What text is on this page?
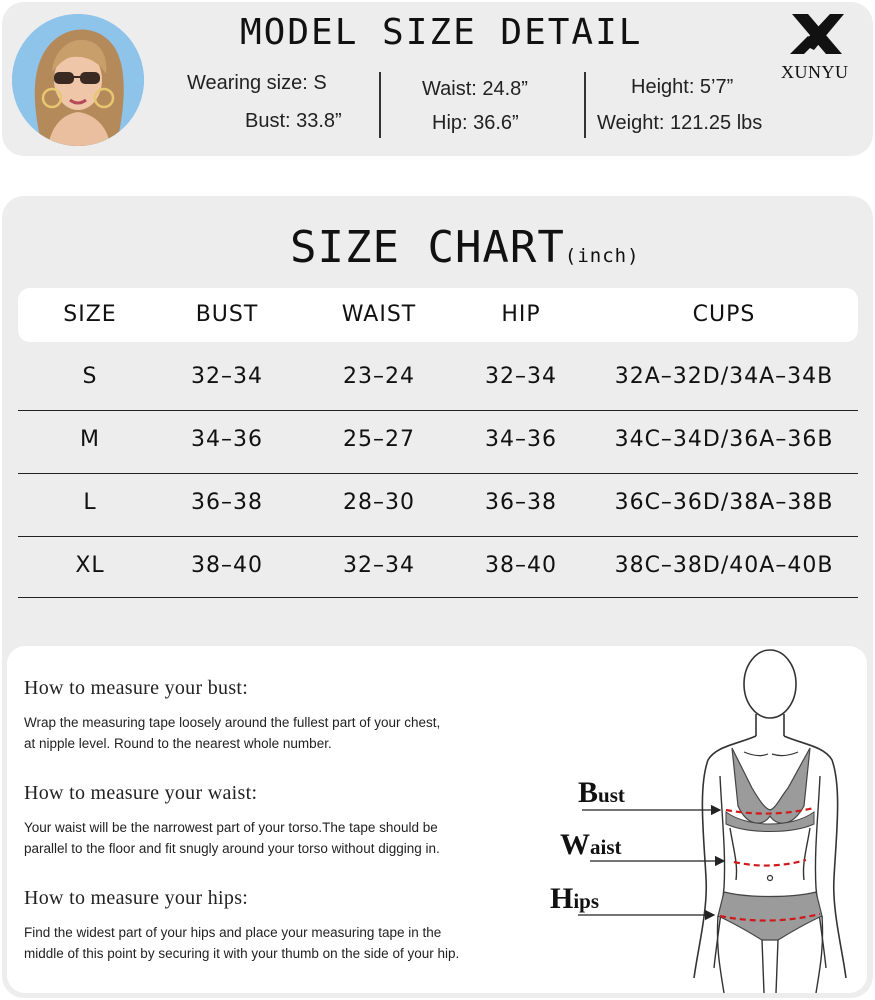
MODEL SIZE DETAIL
Wearing size: S
Bust: 33.8”
Waist: 24.8”
Hip: 36.6”
Height: 5’7”
Weight: 121.25 lbs
XUNYU
SIZE CHART(inch)
SIZE	BUST	WAIST	HIP	CUPS
S	32–34	23–24	32–34	32A–32D/34A–34B
M	34–36	25–27	34–36	34C–34D/36A–36B
L	36–38	28–30	36–38	36C–36D/38A–38B
XL	38–40	32–34	38–40	38C–38D/40A–40B
How to measure your bust:
Wrap the measuring tape loosely around the fullest part of your chest,
at nipple level. Round to the nearest whole number.
How to measure your waist:
Your waist will be the narrowest part of your torso.The tape should be
parallel to the floor and fit snugly around your torso without digging in.
How to measure your hips:
Find the widest part of your hips and place your measuring tape in the
middle of this point by securing it with your thumb on the side of your hip.
Bust
Waist
Hips
